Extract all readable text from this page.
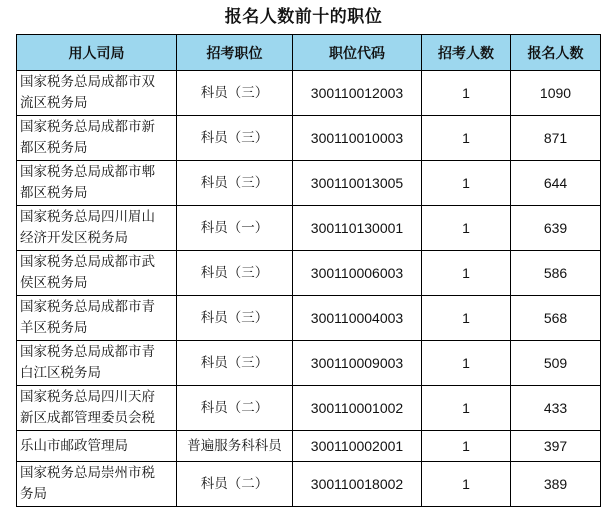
报名人数前十的职位
用人司局	招考职位	职位代码	招考人数	报名人数
国家税务总局成都市双
流区税务局	科员（三）	300110012003	1	1090
国家税务总局成都市新
都区税务局	科员（三）	300110010003	1	871
国家税务总局成都市郫
都区税务局	科员（三）	300110013005	1	644
国家税务总局四川眉山
经济开发区税务局	科员（一）	300110130001	1	639
国家税务总局成都市武
侯区税务局	科员（三）	300110006003	1	586
国家税务总局成都市青
羊区税务局	科员（三）	300110004003	1	568
国家税务总局成都市青
白江区税务局	科员（三）	300110009003	1	509
国家税务总局四川天府
新区成都管理委员会税	科员（二）	300110001002	1	433
乐山市邮政管理局	普遍服务科科员	300110002001	1	397
国家税务总局崇州市税
务局	科员（二）	300110018002	1	389
